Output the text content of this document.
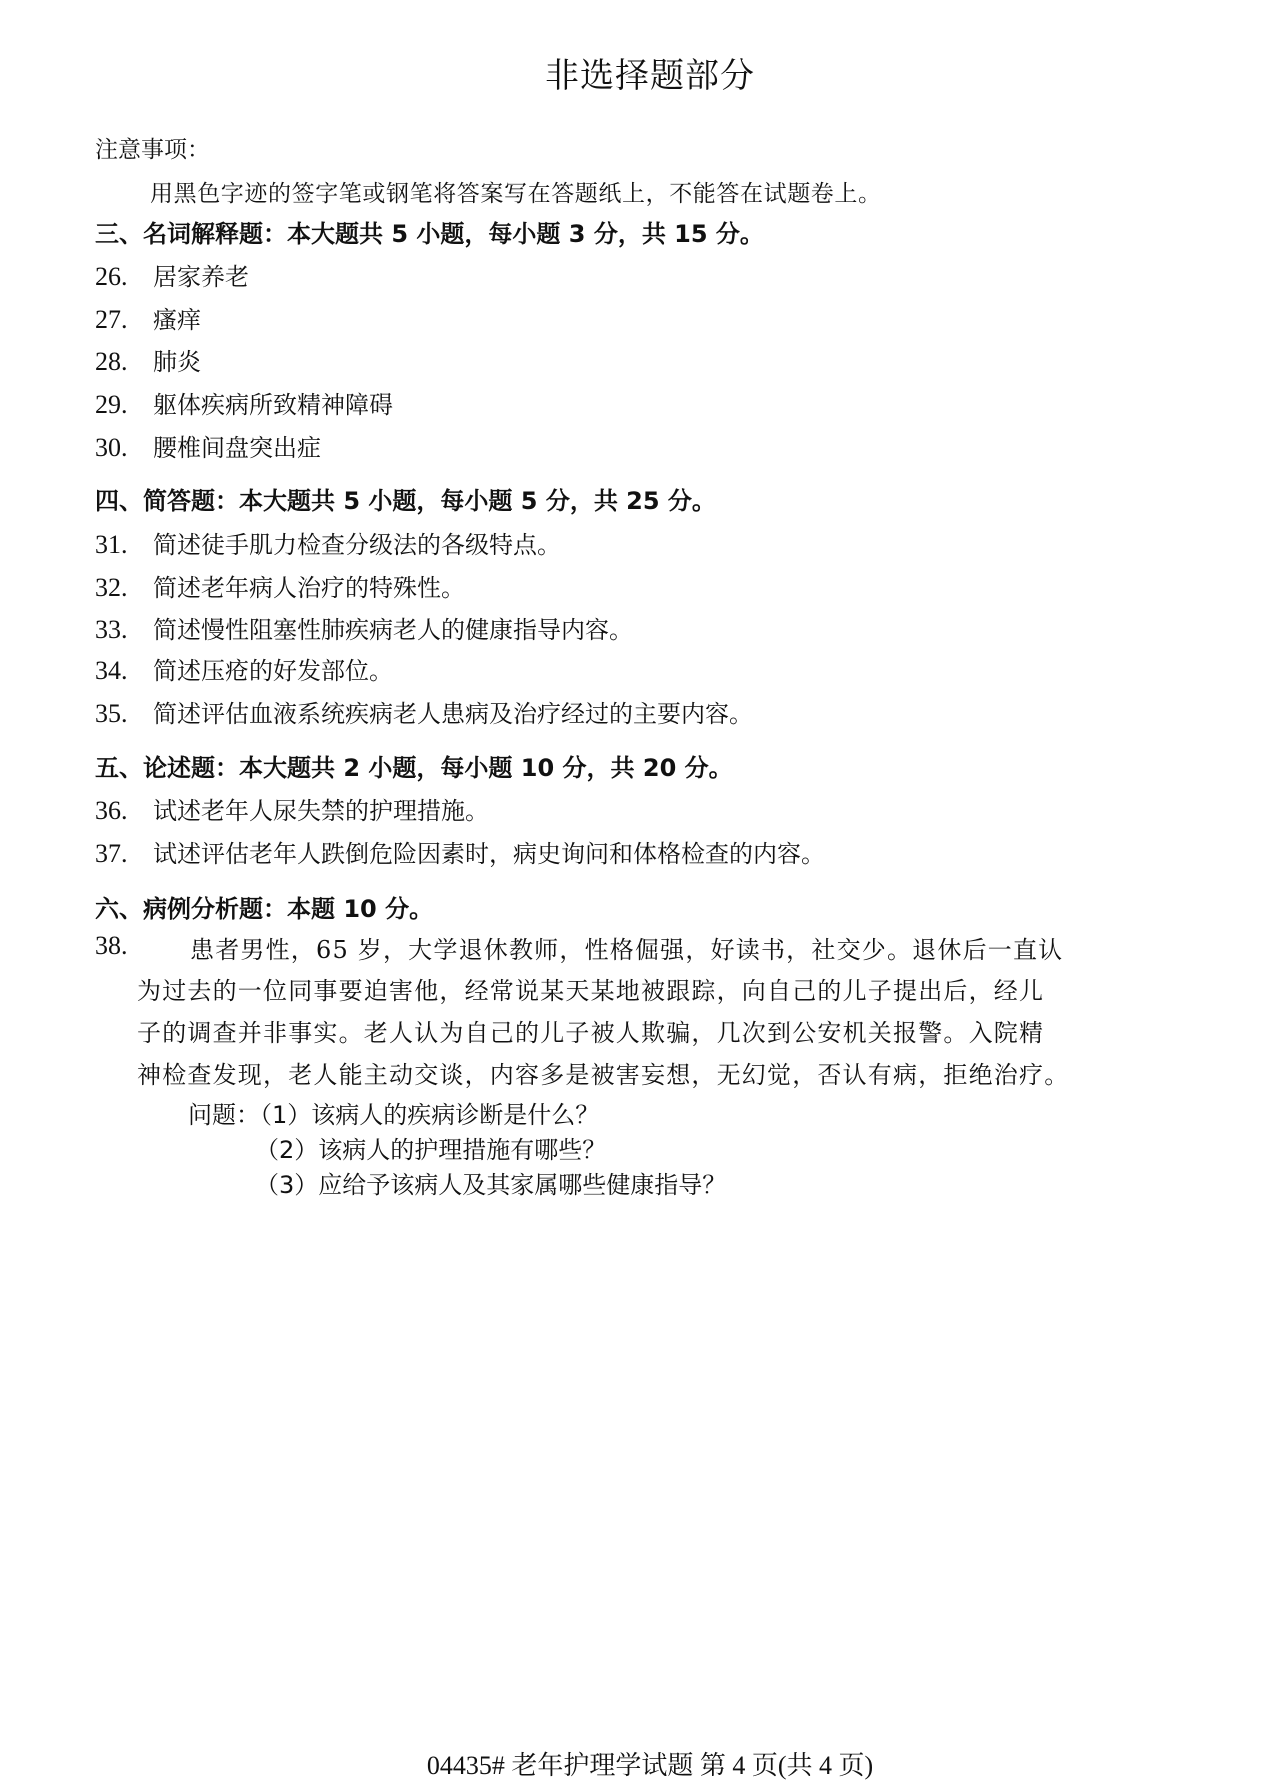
非选择题部分
注意事项：
用黑色字迹的签字笔或钢笔将答案写在答题纸上，不能答在试题卷上。
三、名词解释题：本大题共 5 小题，每小题 3 分，共 15 分。
26. 居家养老
27. 瘙痒
28. 肺炎
29. 躯体疾病所致精神障碍
30. 腰椎间盘突出症
四、简答题：本大题共 5 小题，每小题 5 分，共 25 分。
31. 简述徒手肌力检查分级法的各级特点。
32. 简述老年病人治疗的特殊性。
33. 简述慢性阻塞性肺疾病老人的健康指导内容。
34. 简述压疮的好发部位。
35. 简述评估血液系统疾病老人患病及治疗经过的主要内容。
五、论述题：本大题共 2 小题，每小题 10 分，共 20 分。
36. 试述老年人尿失禁的护理措施。
37. 试述评估老年人跌倒危险因素时，病史询问和体格检查的内容。
六、病例分析题：本题 10 分。
38.	患者男性，65 岁，大学退休教师，性格倔强，好读书，社交少。退休后一直认
为过去的一位同事要迫害他，经常说某天某地被跟踪，向自己的儿子提出后，经儿
子的调查并非事实。老人认为自己的儿子被人欺骗，几次到公安机关报警。入院精
神检查发现，老人能主动交谈，内容多是被害妄想，无幻觉，否认有病，拒绝治疗。
问题：
（1）该病人的疾病诊断是什么？
（2）该病人的护理措施有哪些？
（3）应给予该病人及其家属哪些健康指导？
04435# 老年护理学试题 第 4 页(共 4 页)
